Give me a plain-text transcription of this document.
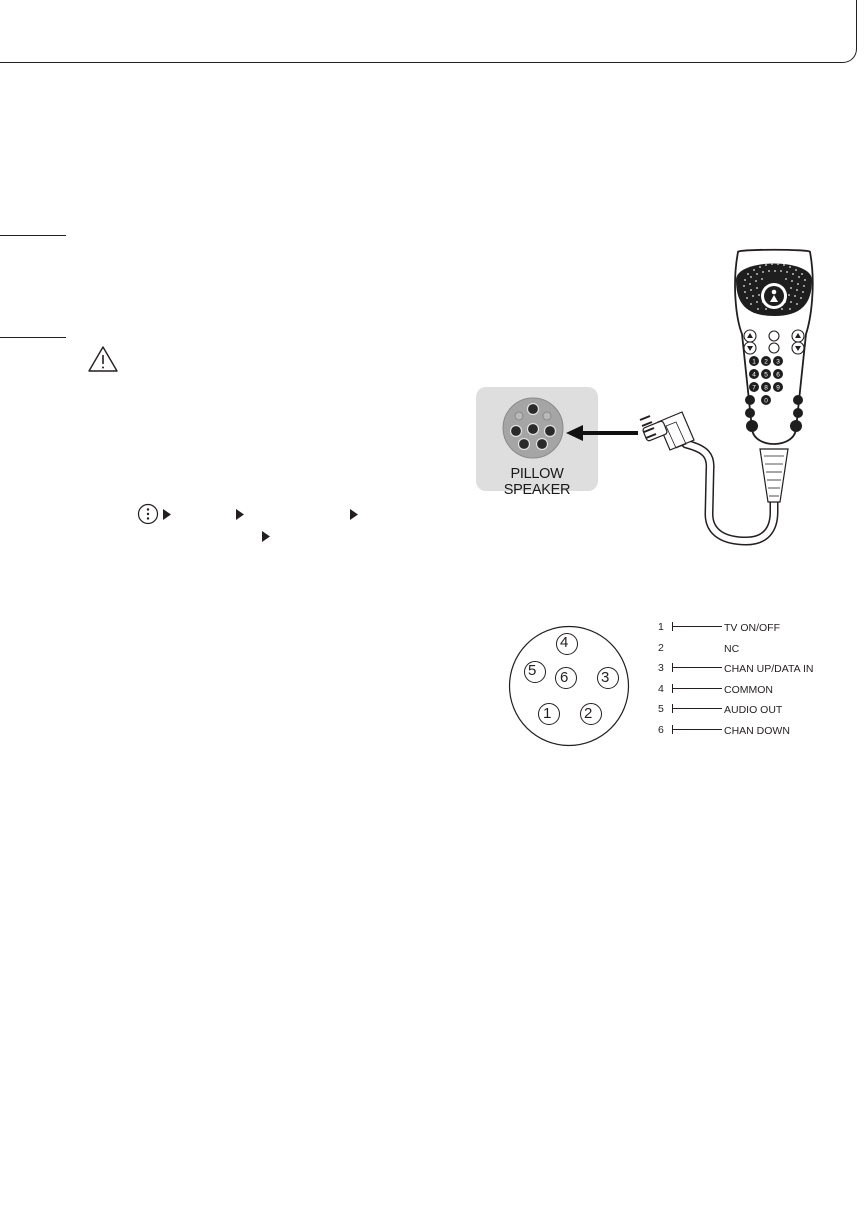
PILLOW SPEAKER
1 2 3
4 5 6
7 8 9
0
4
5 6 3
1 2
1	TV ON/OFF
2	NC
3	CHAN UP/DATA IN
4	COMMON
5	AUDIO OUT
6	CHAN DOWN
